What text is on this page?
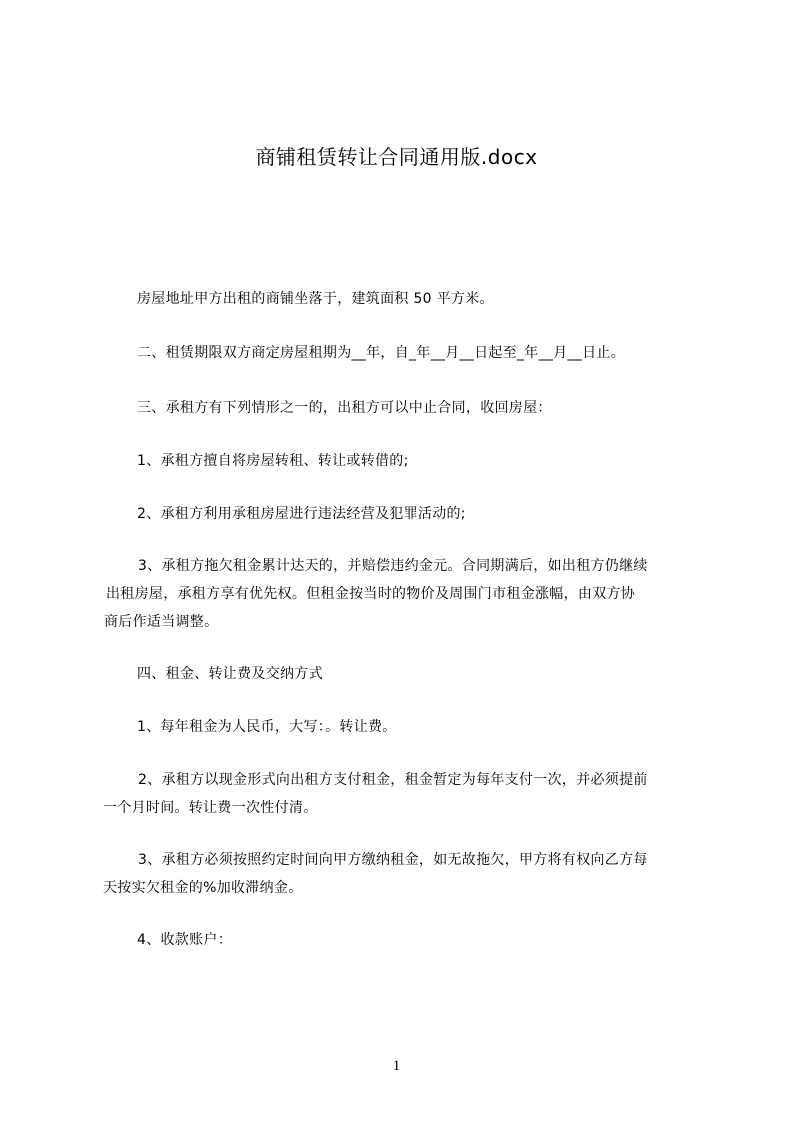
商铺租赁转让合同通用版.docx
房屋地址甲方出租的商铺坐落于，建筑面积 50 平方米。
二、租赁期限双方商定房屋租期为__年，自_年__月__日起至_年__月__日止。
三、承租方有下列情形之一的，出租方可以中止合同，收回房屋：
1、承租方擅自将房屋转租、转让或转借的;
2、承租方利用承租房屋进行违法经营及犯罪活动的;
3、承租方拖欠租金累计达天的，并赔偿违约金元。合同期满后，如出租方仍继续
出租房屋，承租方享有优先权。但租金按当时的物价及周围门市租金涨幅，由双方协
商后作适当调整。
四、租金、转让费及交纳方式
1、每年租金为人民币，大写：。转让费。
2、承租方以现金形式向出租方支付租金，租金暂定为每年支付一次，并必须提前
一个月时间。转让费一次性付清。
3、承租方必须按照约定时间向甲方缴纳租金，如无故拖欠，甲方将有权向乙方每
天按实欠租金的%加收滞纳金。
4、收款账户：
1
